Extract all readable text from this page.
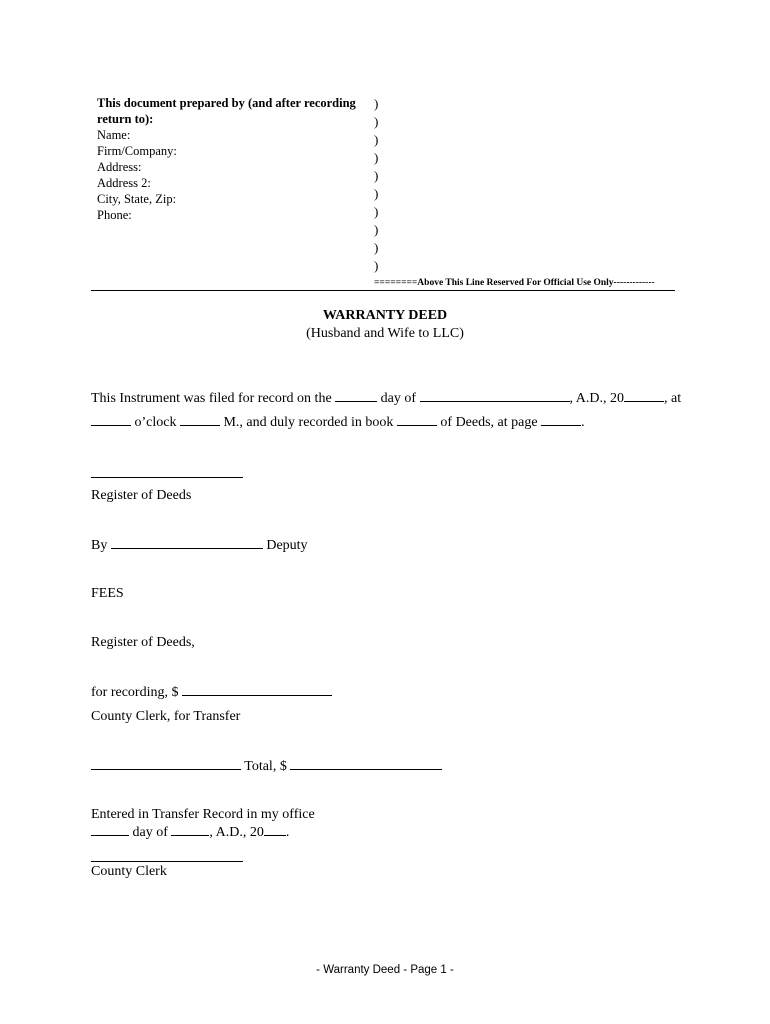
This document prepared by (and after recording
return to):
Name:
Firm/Company:
Address:
Address 2:
City, State, Zip:
Phone:
)
)
)
)
)
)
)
)
)
)
========Above This Line Reserved For Official Use Only-------------
WARRANTY DEED
(Husband and Wife to LLC)
This Instrument was filed for record on the	day of	, A.D., 20	, at
o’clock	M., and duly recorded in book	of Deeds, at page	.
Register of Deeds
By	Deputy
FEES
Register of Deeds,
for recording, $
County Clerk, for Transfer
Total, $
Entered in Transfer Record in my office
day of	, A.D., 20 .
County Clerk
- Warranty Deed - Page 1 -
